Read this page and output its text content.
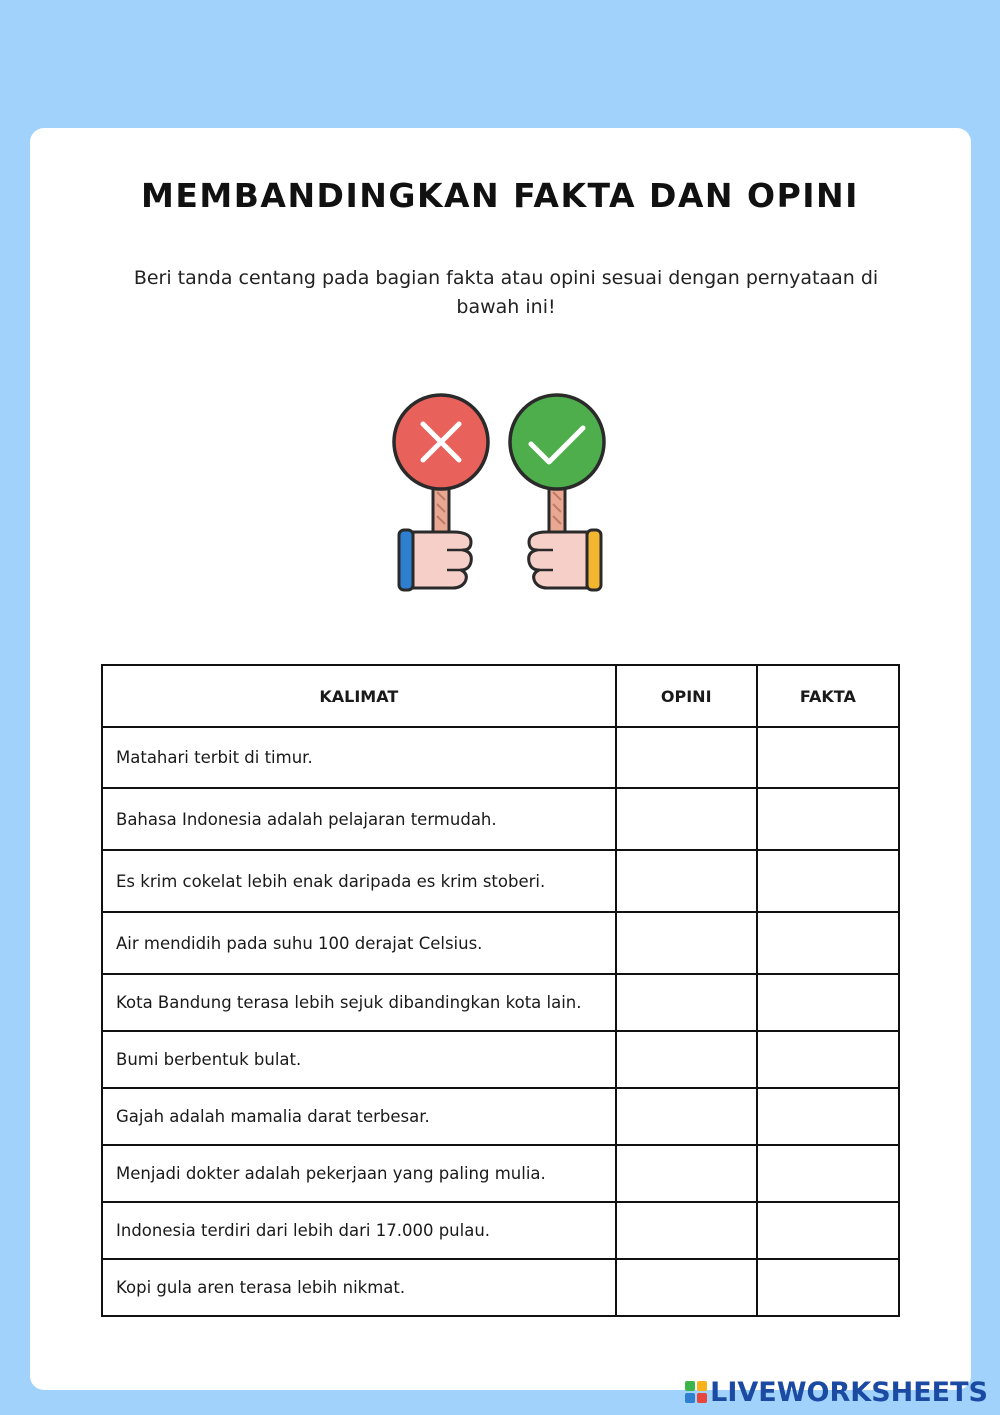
MEMBANDINGKAN FAKTA DAN OPINI
Beri tanda centang pada bagian fakta atau opini sesuai dengan pernyataan di bawah ini!
KALIMAT	OPINI	FAKTA
Matahari terbit di timur.		
Bahasa Indonesia adalah pelajaran termudah.		
Es krim cokelat lebih enak daripada es krim stoberi.		
Air mendidih pada suhu 100 derajat Celsius.		
Kota Bandung terasa lebih sejuk dibandingkan kota lain.		
Bumi berbentuk bulat.		
Gajah adalah mamalia darat terbesar.		
Menjadi dokter adalah pekerjaan yang paling mulia.		
Indonesia terdiri dari lebih dari 17.000 pulau.		
Kopi gula aren terasa lebih nikmat.		
LIVEWORKSHEETS
